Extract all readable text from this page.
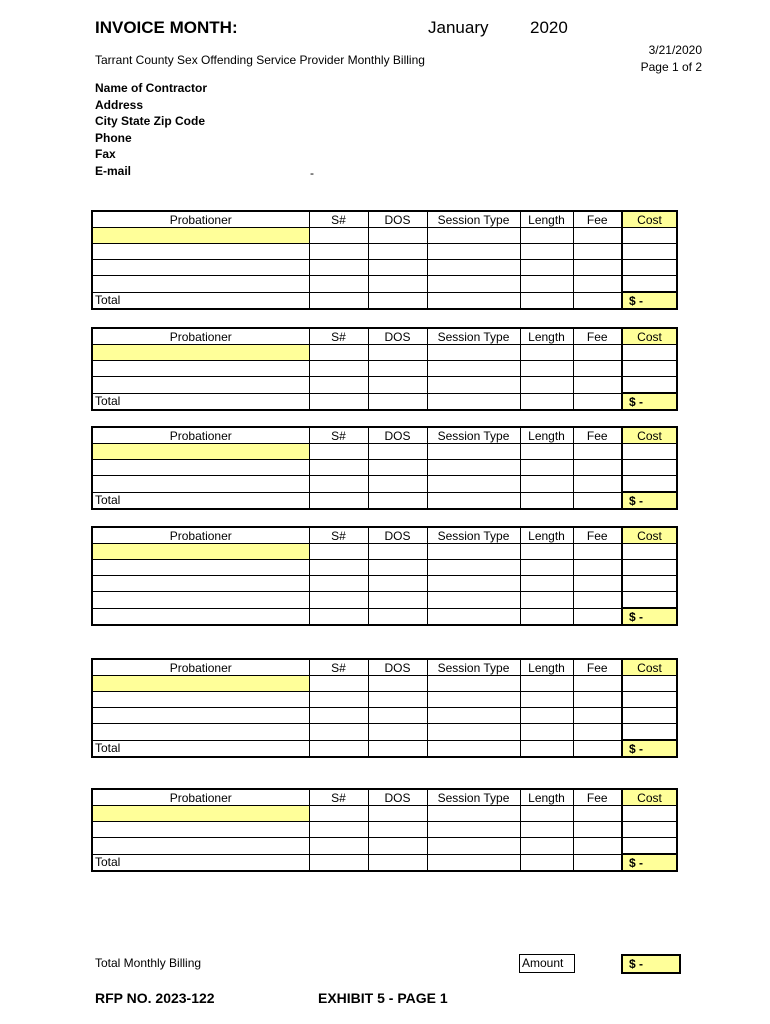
INVOICE MONTH:	January 2020
Tarrant County Sex Offending Service Provider Monthly Billing
3/21/2020
Page 1 of 2
Name of Contractor
Address
City State Zip Code
Phone
Fax
E-mail	-
Probationer	S#	DOS	Session Type	Length	Fee	Cost

Total						$ -
Probationer	S#	DOS	Session Type	Length	Fee	Cost

Total						$ -
Probationer	S#	DOS	Session Type	Length	Fee	Cost

Total						$ -
Probationer	S#	DOS	Session Type	Length	Fee	Cost

						$ -
Probationer	S#	DOS	Session Type	Length	Fee	Cost

Total						$ -
Probationer	S#	DOS	Session Type	Length	Fee	Cost

Total						$ -
Total Monthly Billing	Amount	$ -
RFP NO. 2023-122	EXHIBIT 5 - PAGE 1
